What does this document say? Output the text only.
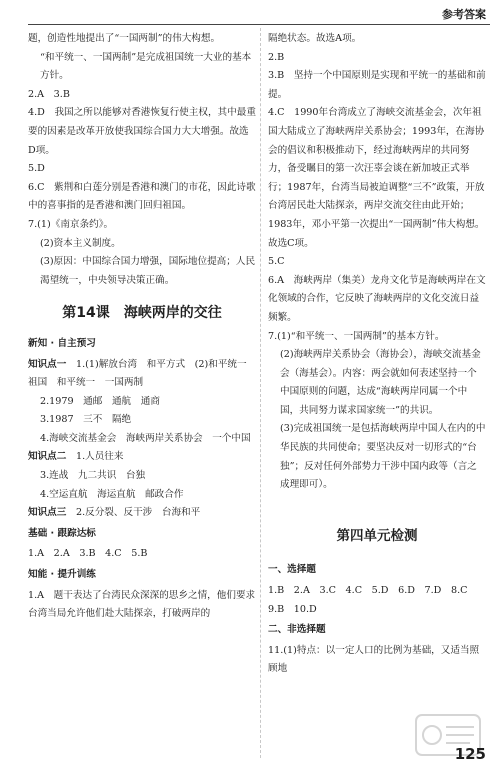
参考答案

题，创造性地提出了“一国两制”的伟大构想。

“和平统一、一国两制”是完成祖国统一大业的基本方针。

2.A　3.B

4.D　我国之所以能够对香港恢复行使主权，其中最重要的因素是改革开放使我国综合国力大大增强。故选D项。

5.D

6.C　紫荆和白莲分别是香港和澳门的市花，因此诗歌中的喜事指的是香港和澳门回归祖国。

7.(1)《南京条约》。

(2)资本主义制度。

(3)原因：中国综合国力增强，国际地位提高；人民渴望统一，中央领导决策正确。

第14课　海峡两岸的交往
新知 · 自主预习

知识点一　 1.(1)解放台湾　和平方式　(2)和平统一祖国　和平统一　一国两制

2.1979　通邮　通航　通商

3.1987　三不　隔绝

4.海峡交流基金会　海峡两岸关系协会　一个中国

知识点二　 1.人员往来

3.连战　九二共识　台独

4.空运直航　海运直航　邮政合作

知识点三　 2.反分裂、反干涉　台海和平

基础 · 跟踪达标

1.A　2.A　3.B　4.C　5.B

知能 · 提升训练

1.A　题干表达了台湾民众深深的思乡之情，他们要求台湾当局允许他们赴大陆探亲，打破两岸的

隔绝状态。故选A项。

2.B

3.B　坚持一个中国原则是实现和平统一的基础和前提。

4.C　1990年台湾成立了海峡交流基金会，次年祖国大陆成立了海峡两岸关系协会；1993年，在海协会的倡议和积极推动下，经过海峡两岸的共同努力，备受瞩目的第一次汪辜会谈在新加坡正式举行；1987年，台湾当局被迫调整“三不”政策，开放台湾居民赴大陆探亲，两岸交流交往由此开始；1983年，邓小平第一次提出“一国两制”伟大构想。故选C项。

5.C

6.A　海峡两岸（集美）龙舟文化节是海峡两岸在文化领域的合作，它反映了海峡两岸的文化交流日益频繁。

7.(1)“和平统一、一国两制”的基本方针。

(2)海峡两岸关系协会（海协会），海峡交流基金会（海基会）。内容：两会就如何表述坚持一个中国原则的问题，达成“海峡两岸同属一个中国，共同努力谋求国家统一”的共识。

(3)完成祖国统一是包括海峡两岸中国人在内的中华民族的共同使命；要坚决反对一切形式的“台独”；反对任何外部势力干涉中国内政等（言之成理即可）。

第四单元检测
一、选择题

1.B　2.A　3.C　4.C　5.D　6.D　7.D　8.C　9.B　10.D

二、非选择题

11.(1)特点：以一定人口的比例为基础，又适当照顾地

125
